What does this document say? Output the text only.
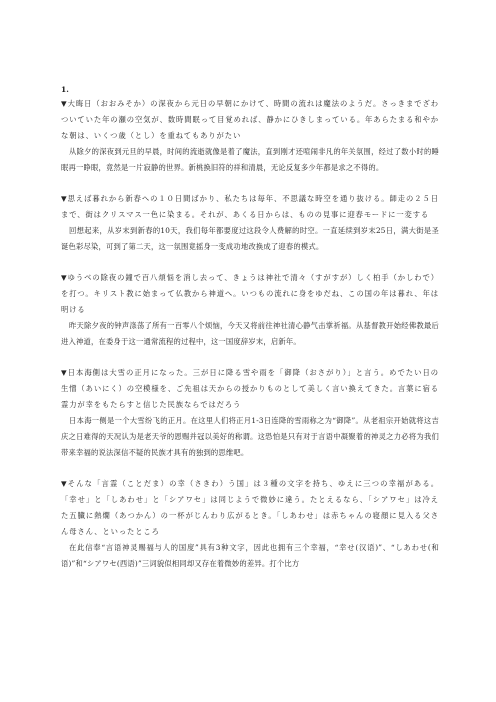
1.

▼大晦日（おおみそか）の深夜から元日の早朝にかけて、時間の流れは魔法のようだ。さっきまでざわついていた年の瀬の空気が、数時間眠って目覚めれば、静かにひきしまっている。年あらたまる和やかな朝は、いくつ歳（とし）を重ねてもありがたい

从除夕的深夜到元旦的早晨，时间的流逝就像是着了魔法，直到刚才还喧闹非凡的年关氛围，经过了数小时的睡眠再一睁眼，竟然是一片寂静的世界。新桃换旧符的祥和清晨，无论反复多少年都是求之不得的。

▼思えば暮れから新春への１０日間ばかり、私たちは毎年、不思議な時空を通り抜ける。師走の２５日まで、街はクリスマス一色に染まる。それが、あくる日からは、ものの見事に迎春モードに一変する

回想起来，从岁末到新春的10天，我们每年都要度过这段令人费解的时空。一直延续到岁末25日，满大街是圣诞色彩尽染，可到了第二天，这一氛围竟摇身一变成功地改换成了迎春的模式。

▼ゆうべの除夜の鐘で百八煩悩を消し去って、きょうは神社で清々（すがすが）しく柏手（かしわで）を打つ。キリスト教に始まって仏教から神道へ。いつもの流れに身をゆだね、この国の年は暮れ、年は明ける

昨天除夕夜的钟声涤荡了所有一百零八个烦恼，今天又将前往神社清心静气击掌祈福。从基督教开始经佛教最后进入神道，在委身于这一通常流程的过程中，这一国度辞岁末，启新年。

▼日本海側は大雪の正月になった。三が日に降る雪や雨を「御降（おさがり）」と言う。めでたい日の生憎（あいにく）の空模様を、ご先祖は天からの授かりものとして美しく言い換えてきた。言葉に宿る霊力が幸をもたらすと信じた民族ならではだろう

日本海一侧是一个大雪纷飞的正月。在这里人们将正月1-3日连降的雪雨称之为“御降”。从老祖宗开始就将这吉庆之日难得的天况认为是老天爷的恩赐并冠以美好的称谓。这恐怕是只有对于言语中凝聚着的神灵之力必将为我们带来幸福的说法深信不疑的民族才具有的独到的思维吧。

▼そんな「言霊（ことだま）の幸（さきわ）う国」は３種の文字を持ち、ゆえに三つの幸福がある。「幸せ」と「しあわせ」と「シアワセ」は同じようで微妙に違う。たとえるなら、「シアワセ」は冷えた五臓に熱燗（あつかん）の一杯がじんわり広がるとき。「しあわせ」は赤ちゃんの寝顔に見入る父さん母さん、といったところ

在此信奉“言语神灵赐福与人的国度”具有3种文字，因此也拥有三个幸福，“幸せ(汉语)”、“しあわせ(和语)”和“シアワセ(西语)”三词貌似相同却又存在着微妙的差异。打个比方
